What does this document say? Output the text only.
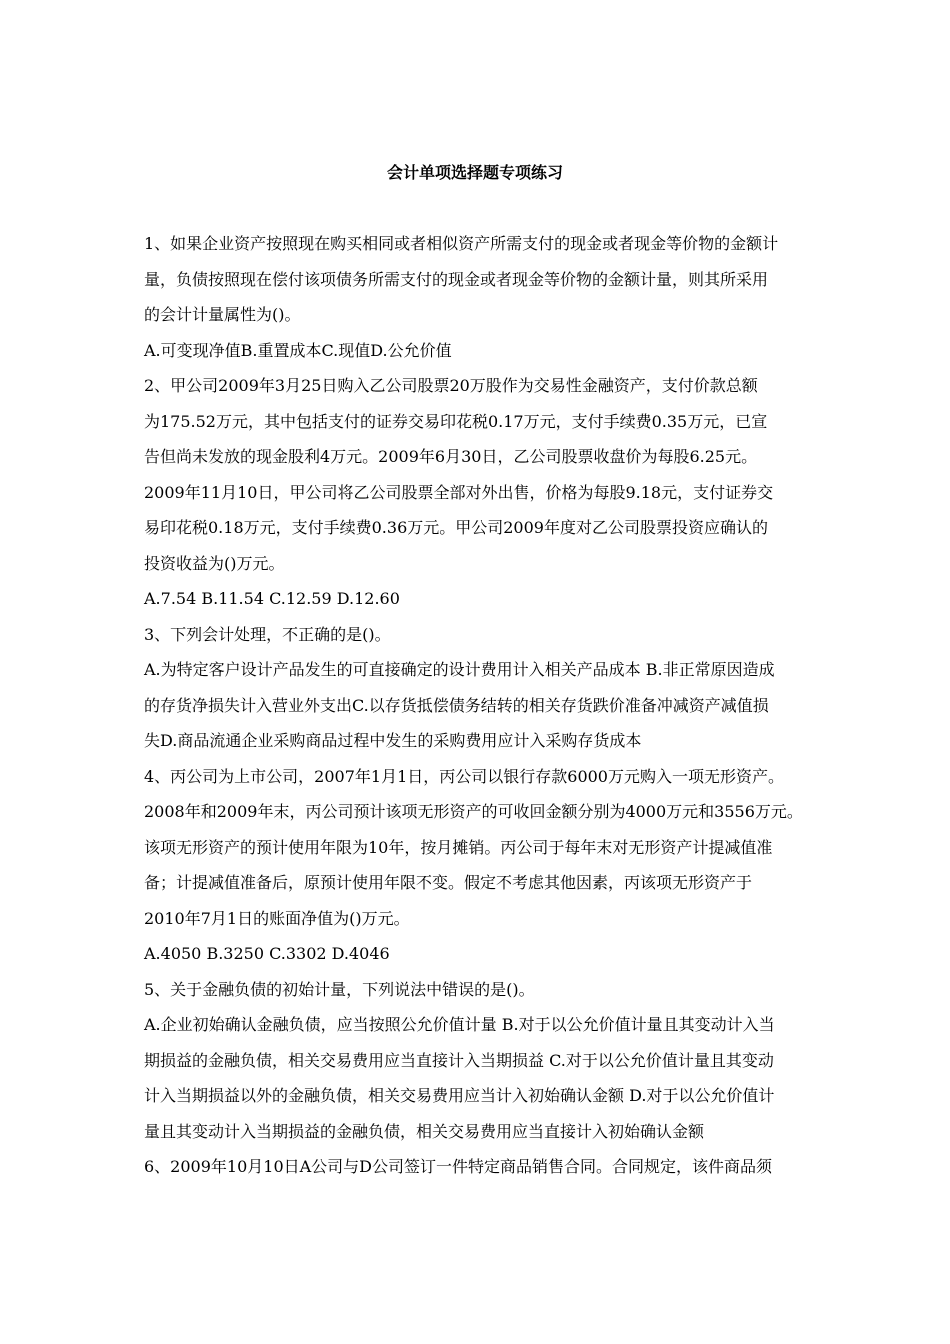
会计单项选择题专项练习
1、如果企业资产按照现在购买相同或者相似资产所需支付的现金或者现金等价物的金额计
量，负债按照现在偿付该项债务所需支付的现金或者现金等价物的金额计量，则其所采用
的会计计量属性为()。
A.可变现净值B.重置成本C.现值D.公允价值
2、甲公司2009年3月25日购入乙公司股票20万股作为交易性金融资产，支付价款总额
为175.52万元，其中包括支付的证券交易印花税0.17万元，支付手续费0.35万元，已宣
告但尚未发放的现金股利4万元。2009年6月30日，乙公司股票收盘价为每股6.25元。
2009年11月10日，甲公司将乙公司股票全部对外出售，价格为每股9.18元，支付证券交
易印花税0.18万元，支付手续费0.36万元。甲公司2009年度对乙公司股票投资应确认的
投资收益为()万元。
A.7.54 B.11.54 C.12.59 D.12.60
3、下列会计处理，不正确的是()。
A.为特定客户设计产品发生的可直接确定的设计费用计入相关产品成本 B.非正常原因造成
的存货净损失计入营业外支出C.以存货抵偿债务结转的相关存货跌价准备冲减资产减值损
失D.商品流通企业采购商品过程中发生的采购费用应计入采购存货成本
4、丙公司为上市公司，2007年1月1日，丙公司以银行存款6000万元购入一项无形资产。
2008年和2009年末，丙公司预计该项无形资产的可收回金额分别为4000万元和3556万元。
该项无形资产的预计使用年限为10年，按月摊销。丙公司于每年末对无形资产计提减值准
备；计提减值准备后，原预计使用年限不变。假定不考虑其他因素，丙该项无形资产于
2010年7月1日的账面净值为()万元。
A.4050 B.3250 C.3302 D.4046
5、关于金融负债的初始计量，下列说法中错误的是()。
A.企业初始确认金融负债，应当按照公允价值计量 B.对于以公允价值计量且其变动计入当
期损益的金融负债，相关交易费用应当直接计入当期损益 C.对于以公允价值计量且其变动
计入当期损益以外的金融负债，相关交易费用应当计入初始确认金额 D.对于以公允价值计
量且其变动计入当期损益的金融负债，相关交易费用应当直接计入初始确认金额
6、2009年10月10日A公司与D公司签订一件特定商品销售合同。合同规定，该件商品须
